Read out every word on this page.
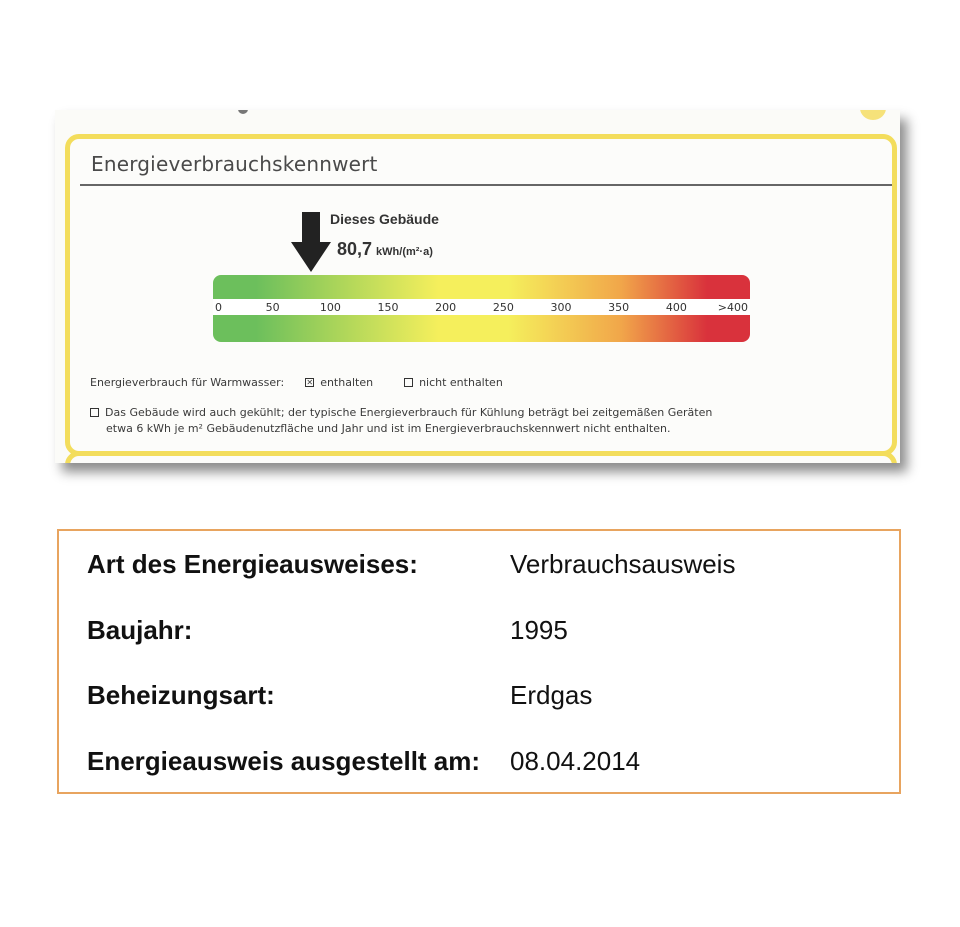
Energieverbrauchskennwert
Dieses Gebäude
80,7 kWh/(m²·a)
0	50	100	150	200	250	300	350	400	>400
Energieverbrauch für Warmwasser:	✕ enthalten	nicht enthalten
Das Gebäude wird auch gekühlt; der typische Energieverbrauch für Kühlung beträgt bei zeitgemäßen Geräten
etwa 6 kWh je m² Gebäudenutzfläche und Jahr und ist im Energieverbrauchskennwert nicht enthalten.
Art des Energieausweises:	Verbrauchsausweis
Baujahr:	1995
Beheizungsart:	Erdgas
Energieausweis ausgestellt am: 08.04.2014
